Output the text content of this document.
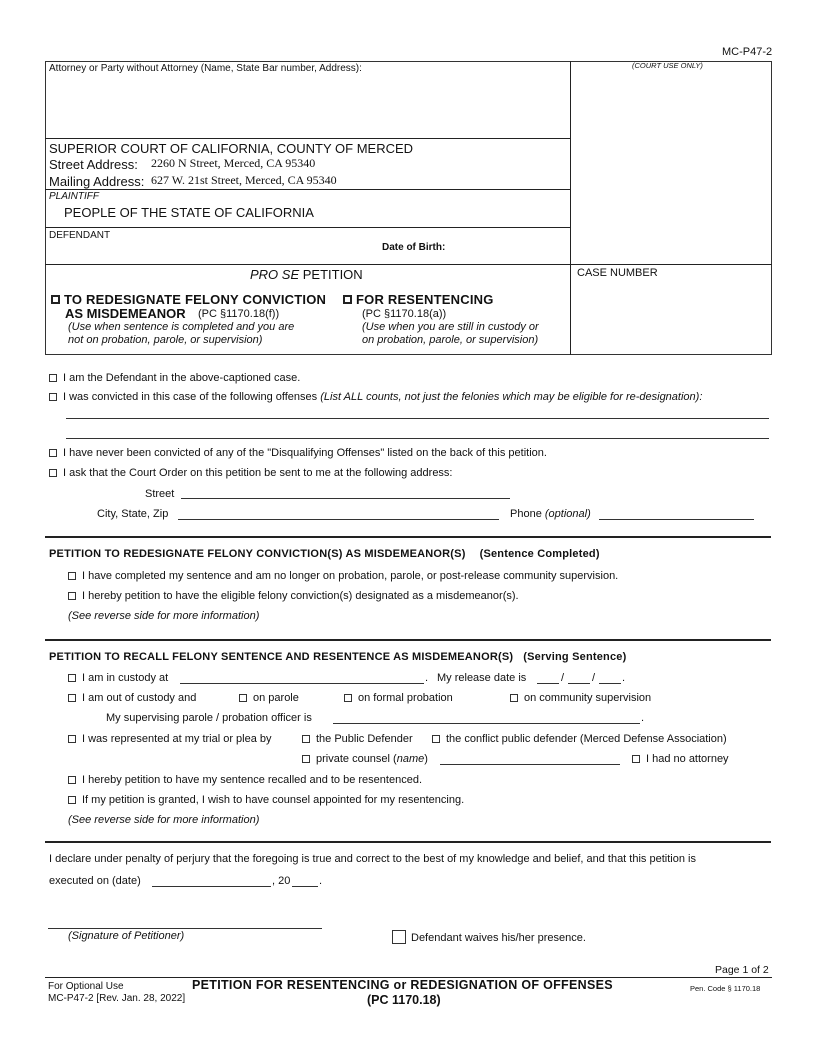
MC-P47-2
Attorney or Party without Attorney (Name, State Bar number, Address):	(COURT USE ONLY)
SUPERIOR COURT OF CALIFORNIA, COUNTY OF MERCED
Street Address: 2260 N Street, Merced, CA 95340
Mailing Address: 627 W. 21st Street, Merced, CA 95340
PLAINTIFF
PEOPLE OF THE STATE OF CALIFORNIA
DEFENDANT
Date of Birth:
PRO SE PETITION	CASE NUMBER
TO REDESIGNATE FELONY CONVICTION
AS MISDEMEANOR (PC §1170.18(f))
(Use when sentence is completed and you are
not on probation, parole, or supervision)
FOR RESENTENCING
(PC §1170.18(a))
(Use when you are still in custody or
on probation, parole, or supervision)
I am the Defendant in the above-captioned case.
I was convicted in this case of the following offenses (List ALL counts, not just the felonies which may be eligible for re-designation):
I have never been convicted of any of the "Disqualifying Offenses" listed on the back of this petition.
I ask that the Court Order on this petition be sent to me at the following address:
Street
City, State, Zip	Phone (optional)
PETITION TO REDESIGNATE FELONY CONVICTION(S) AS MISDEMEANOR(S) (Sentence Completed)
I have completed my sentence and am no longer on probation, parole, or post-release community supervision.
I hereby petition to have the eligible felony conviction(s) designated as a misdemeanor(s).
(See reverse side for more information)
PETITION TO RECALL FELONY SENTENCE AND RESENTENCE AS MISDEMEANOR(S) (Serving Sentence)
I am in custody at	. My release date is	/	/ .
I am out of custody and	on parole	on formal probation	on community supervision
My supervising parole / probation officer is	.
I was represented at my trial or plea by	the Public Defender	the conflict public defender (Merced Defense Association)
private counsel (name)	I had no attorney
I hereby petition to have my sentence recalled and to be resentenced.
If my petition is granted, I wish to have counsel appointed for my resentencing.
(See reverse side for more information)
I declare under penalty of perjury that the foregoing is true and correct to the best of my knowledge and belief, and that this petition is
executed on (date)	, 20	.
(Signature of Petitioner)	Defendant waives his/her presence.
Page 1 of 2
For Optional Use
MC-P47-2 [Rev. Jan. 28, 2022]
PETITION FOR RESENTENCING or REDESIGNATION OF OFFENSES
(PC 1170.18)
Pen. Code § 1170.18
